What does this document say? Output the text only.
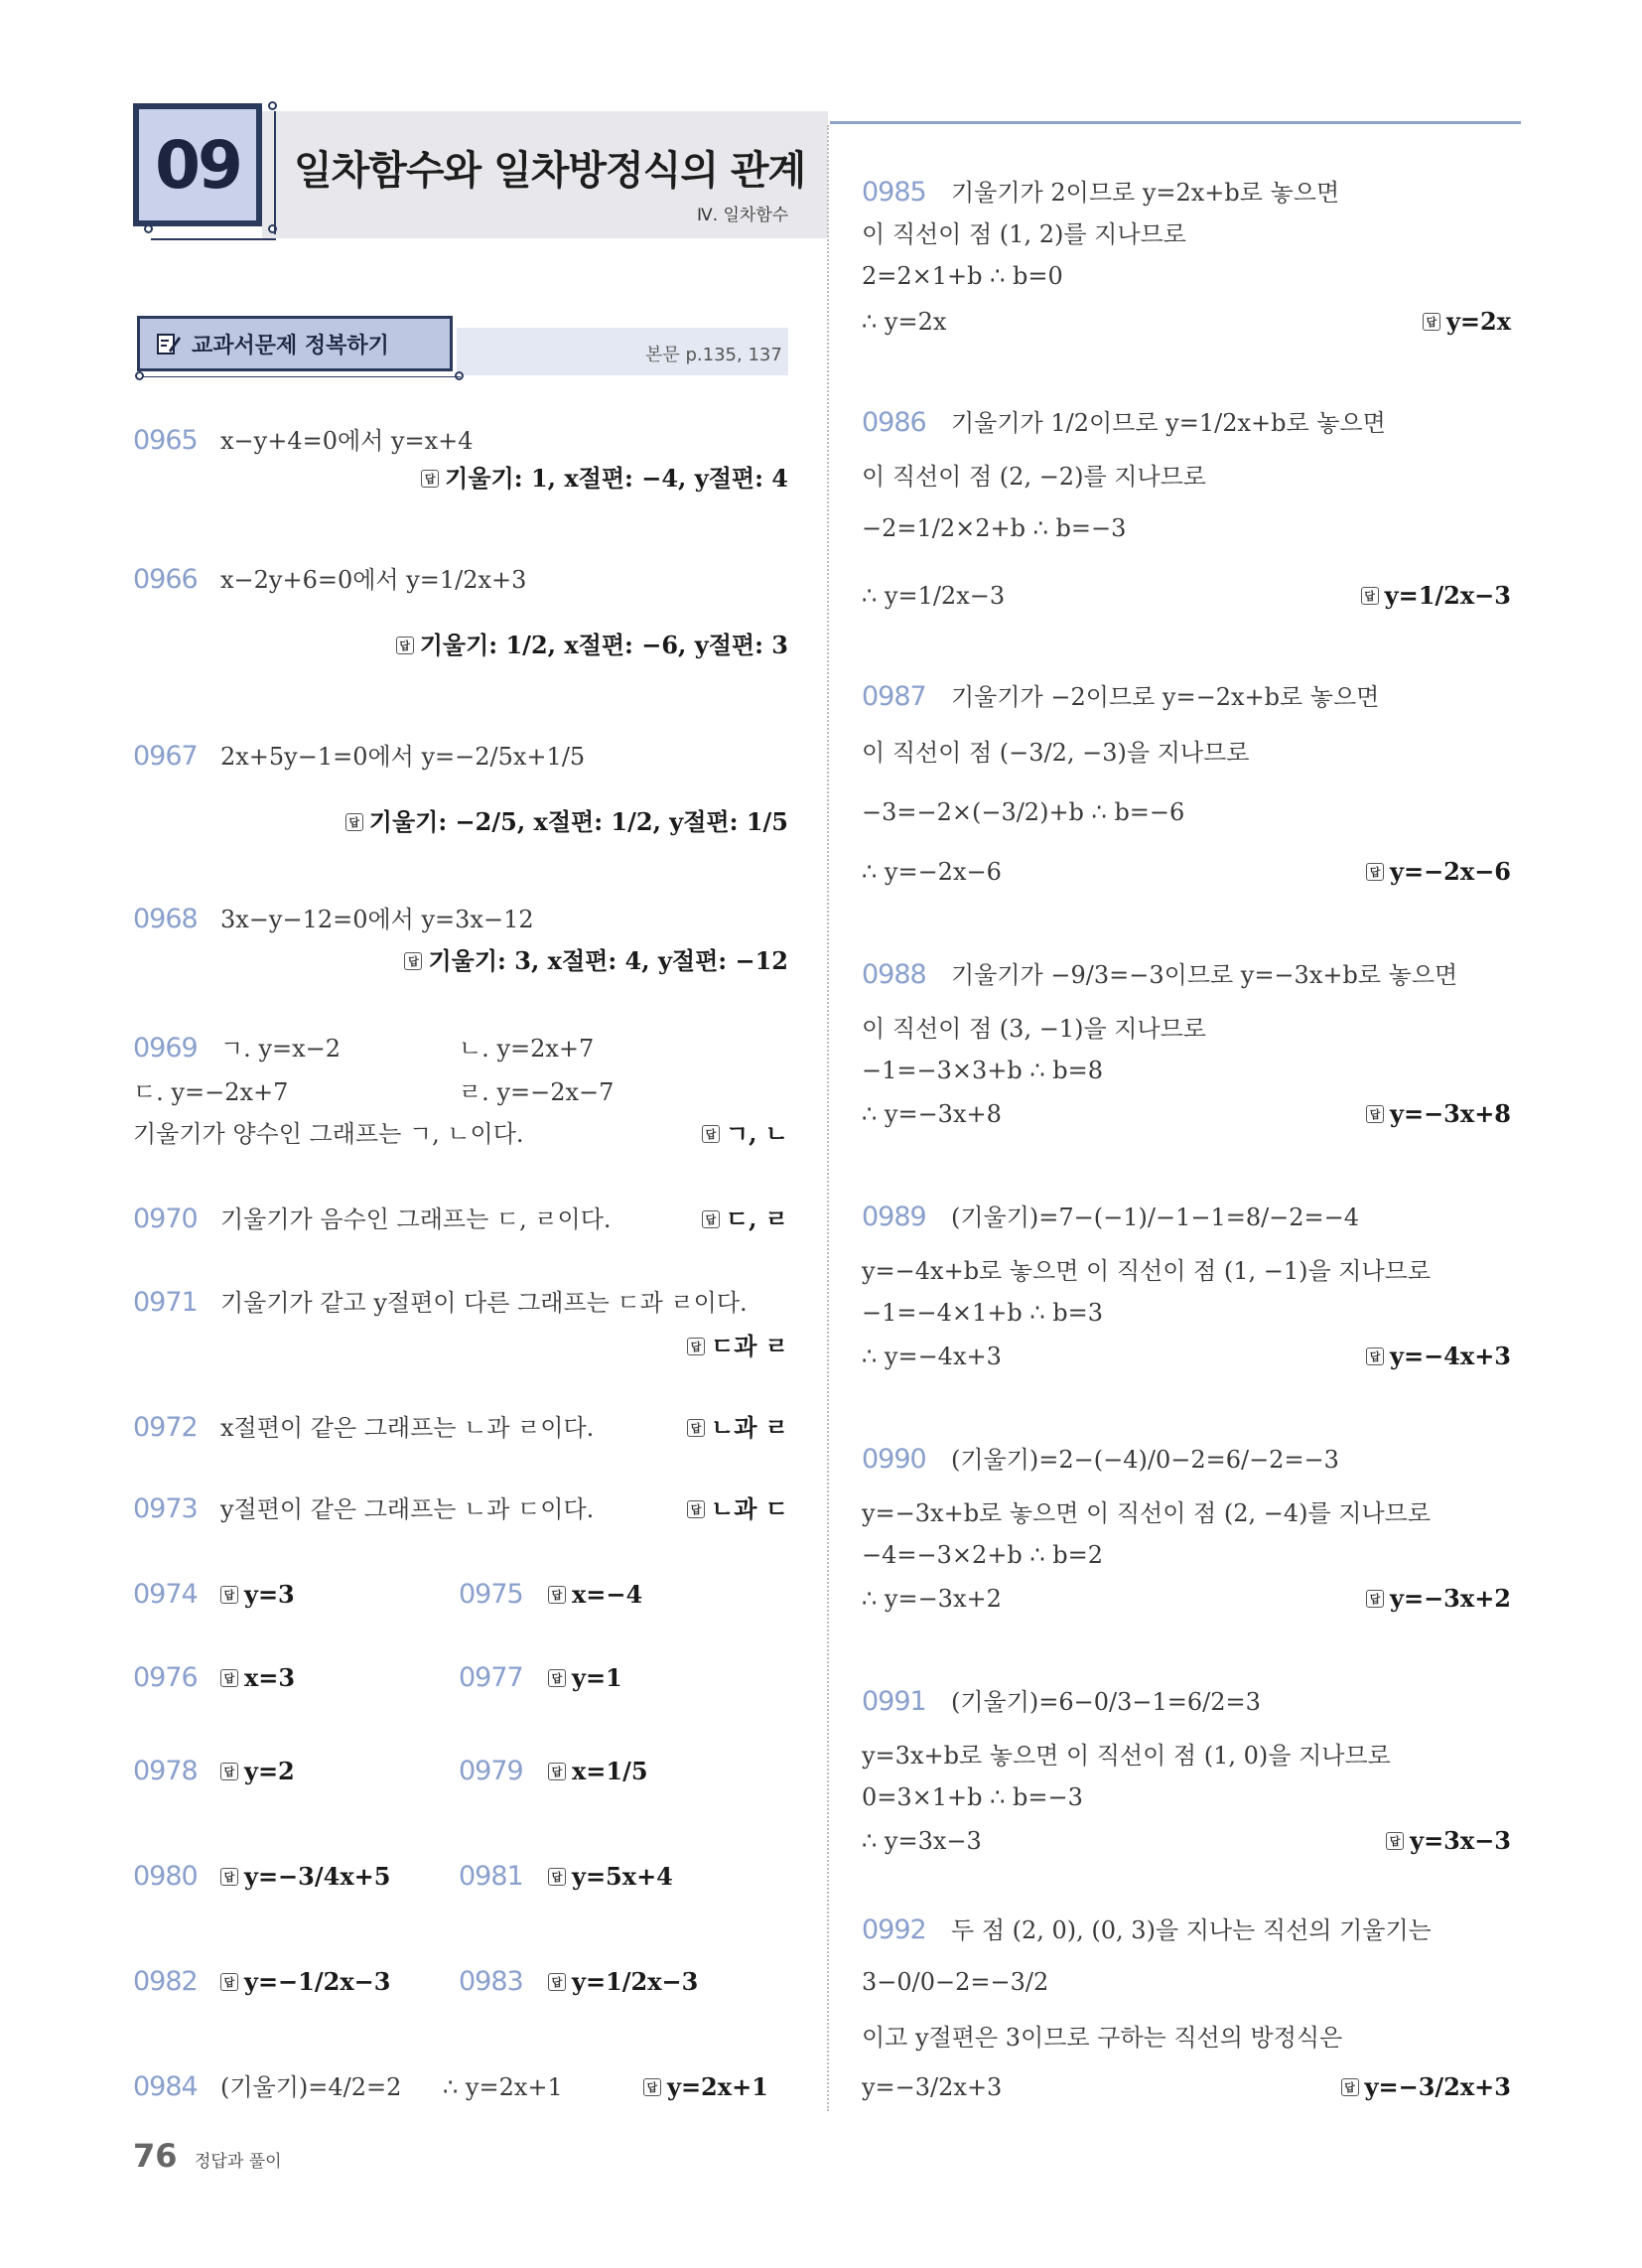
09 일차함수와 일차방정식의 관계
Ⅳ. 일차함수
교과서문제 정복하기	본문 p.135, 137
0965 x−y+4=0에서 y=x+4
답 기울기: 1, x절편: −4, y절편: 4
0966 x−2y+6=0에서 y=1/2x+3
답 기울기: 1/2, x절편: −6, y절편: 3
0967 2x+5y−1=0에서 y=−2/5x+1/5
답 기울기: −2/5, x절편: 1/2, y절편: 1/5
0968 3x−y−12=0에서 y=3x−12
답 기울기: 3, x절편: 4, y절편: −12
0969 ㄱ. y=x−2	ㄴ. y=2x+7
ㄷ. y=−2x+7	ㄹ. y=−2x−7
기울기가 양수인 그래프는 ㄱ, ㄴ이다.	답 ㄱ, ㄴ
0970 기울기가 음수인 그래프는 ㄷ, ㄹ이다.	답 ㄷ, ㄹ
0971 기울기가 같고 y절편이 다른 그래프는 ㄷ과 ㄹ이다.
답 ㄷ과 ㄹ
0972 x절편이 같은 그래프는 ㄴ과 ㄹ이다.	답 ㄴ과 ㄹ
0973 y절편이 같은 그래프는 ㄴ과 ㄷ이다.	답 ㄴ과 ㄷ
0974	답 y=3	0975	답 x=−4
0976	답 x=3	0977	답 y=1
0978	답 y=2	0979	답 x=1/5
0980	답 y=−3/4x+5	0981	답 y=5x+4
0982	답 y=−1/2x−3	0983	답 y=1/2x−3
0984 (기울기)=4/2=2 ∴ y=2x+1	답 y=2x+1
0985 기울기가 2이므로 y=2x+b로 놓으면
이 직선이 점 (1, 2)를 지나므로
2=2×1+b ∴ b=0
∴ y=2x	답 y=2x
0986 기울기가 1/2이므로 y=1/2x+b로 놓으면
이 직선이 점 (2, −2)를 지나므로
−2=1/2×2+b ∴ b=−3
∴ y=1/2x−3	답 y=1/2x−3
0987 기울기가 −2이므로 y=−2x+b로 놓으면
이 직선이 점 (−3/2, −3)을 지나므로
−3=−2×(−3/2)+b ∴ b=−6
∴ y=−2x−6	답 y=−2x−6
0988 기울기가 −9/3=−3이므로 y=−3x+b로 놓으면
이 직선이 점 (3, −1)을 지나므로
−1=−3×3+b ∴ b=8
∴ y=−3x+8	답 y=−3x+8
0989 (기울기)=7−(−1)/−1−1=8/−2=−4
y=−4x+b로 놓으면 이 직선이 점 (1, −1)을 지나므로
−1=−4×1+b ∴ b=3
∴ y=−4x+3	답 y=−4x+3
0990 (기울기)=2−(−4)/0−2=6/−2=−3
y=−3x+b로 놓으면 이 직선이 점 (2, −4)를 지나므로
−4=−3×2+b ∴ b=2
∴ y=−3x+2	답 y=−3x+2
0991 (기울기)=6−0/3−1=6/2=3
y=3x+b로 놓으면 이 직선이 점 (1, 0)을 지나므로
0=3×1+b ∴ b=−3
∴ y=3x−3	답 y=3x−3
0992 두 점 (2, 0), (0, 3)을 지나는 직선의 기울기는
3−0/0−2=−3/2
이고 y절편은 3이므로 구하는 직선의 방정식은
y=−3/2x+3	답 y=−3/2x+3
76 정답과 풀이
